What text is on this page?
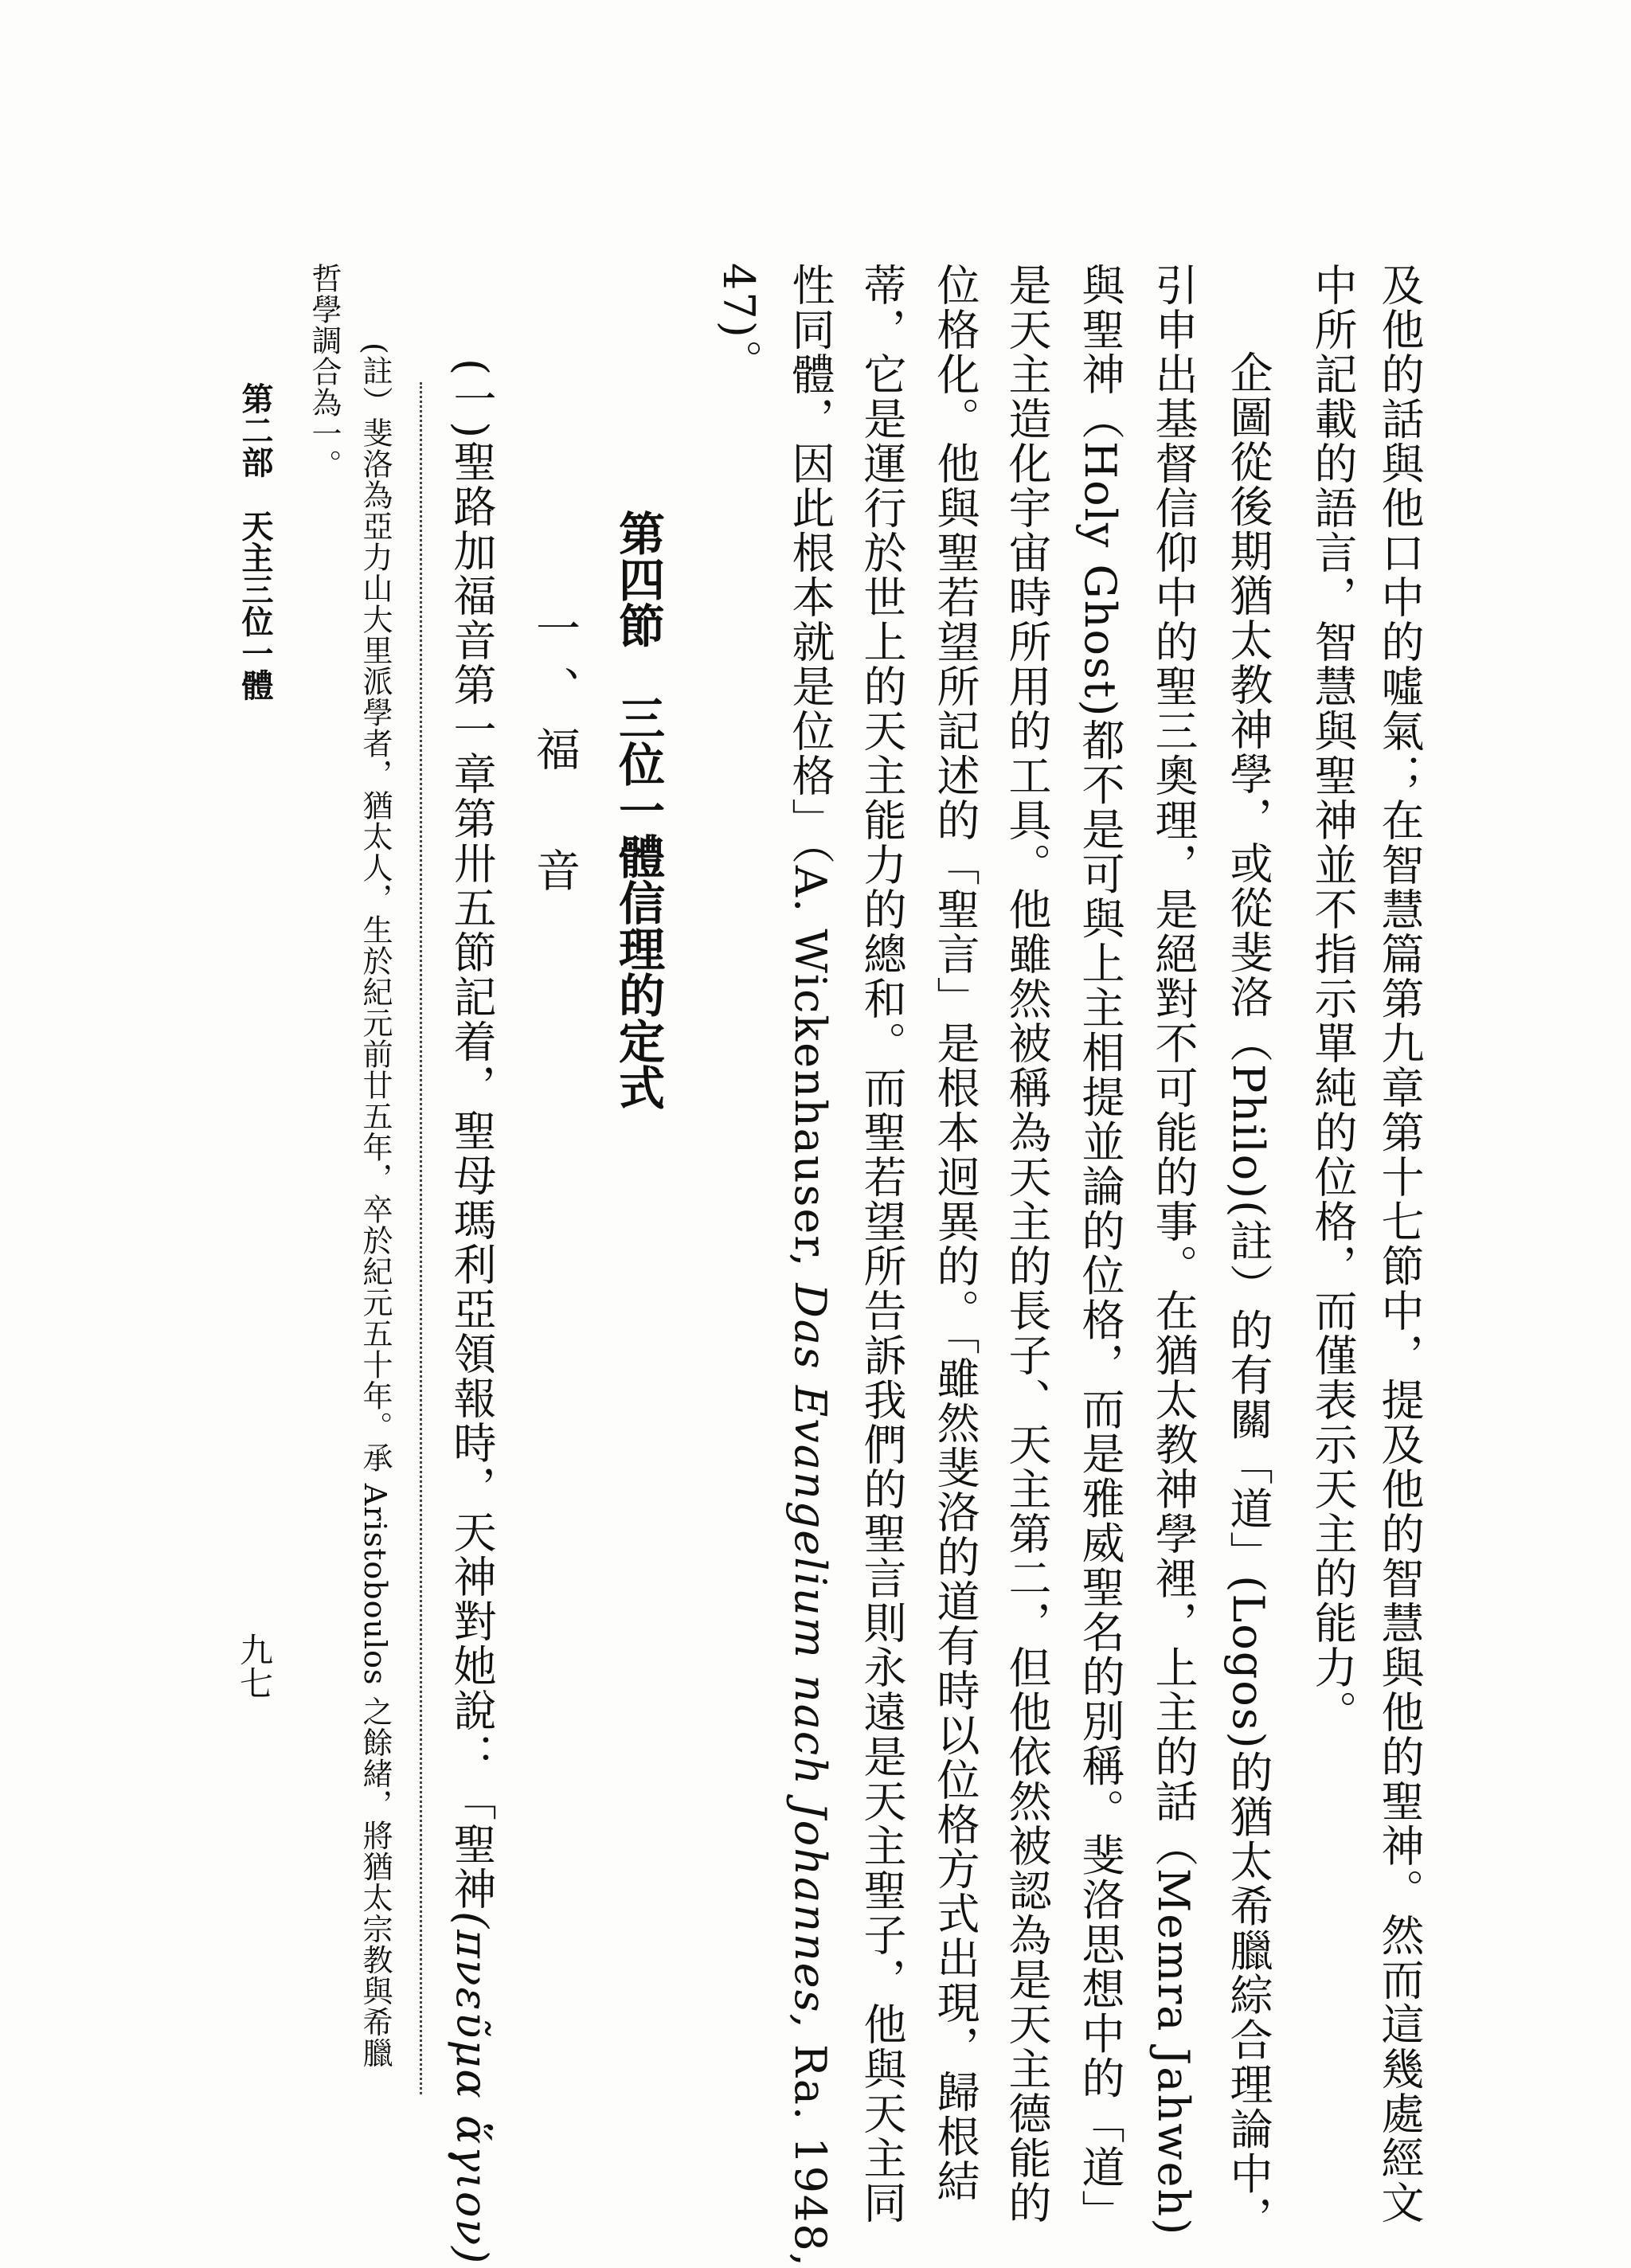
及他的話與他口中的噓氣；在智慧篇第九章第十七節中，提及他的智慧與他的聖神。然而這幾處經文
中所記載的語言，智慧與聖神並不指示單純的位格，而僅表示天主的能力。
企圖從後期猶太教神學，或從斐洛（Philo)(註）的有關「道」(Logos)的猶太希臘綜合理論中，
引申出基督信仰中的聖三奧理，是絕對不可能的事。在猶太教神學裡，上主的話（Memra Jahweh)
與聖神（Holy Ghost)都不是可與上主相提並論的位格，而是雅威聖名的別稱。斐洛思想中的「道」
是天主造化宇宙時所用的工具。他雖然被稱為天主的長子、天主第二，但他依然被認為是天主德能的
位格化。他與聖若望所記述的「聖言」是根本迥異的。「雖然斐洛的道有時以位格方式出現，歸根結
蒂，它是運行於世上的天主能力的總和。而聖若望所告訴我們的聖言則永遠是天主聖子，他與天主同
性同體，因此根本就是位格」（A. Wickenhauser, Das Evangelium nach Johannes, Ra. 1948,
47)。
第四節　三位一體信理的定式
一、福　音
(一)聖路加福音第一章第卅五節記着，聖母瑪利亞領報時，天神對她說：「聖神(πνεῦμα ἅγιον)
(註）斐洛為亞力山大里派學者，猶太人，生於紀元前廿五年，卒於紀元五十年。承 Aristoboulos 之餘緒，將猶太宗教與希臘
哲學調合為一。
第二部　天主三位一體
九七
